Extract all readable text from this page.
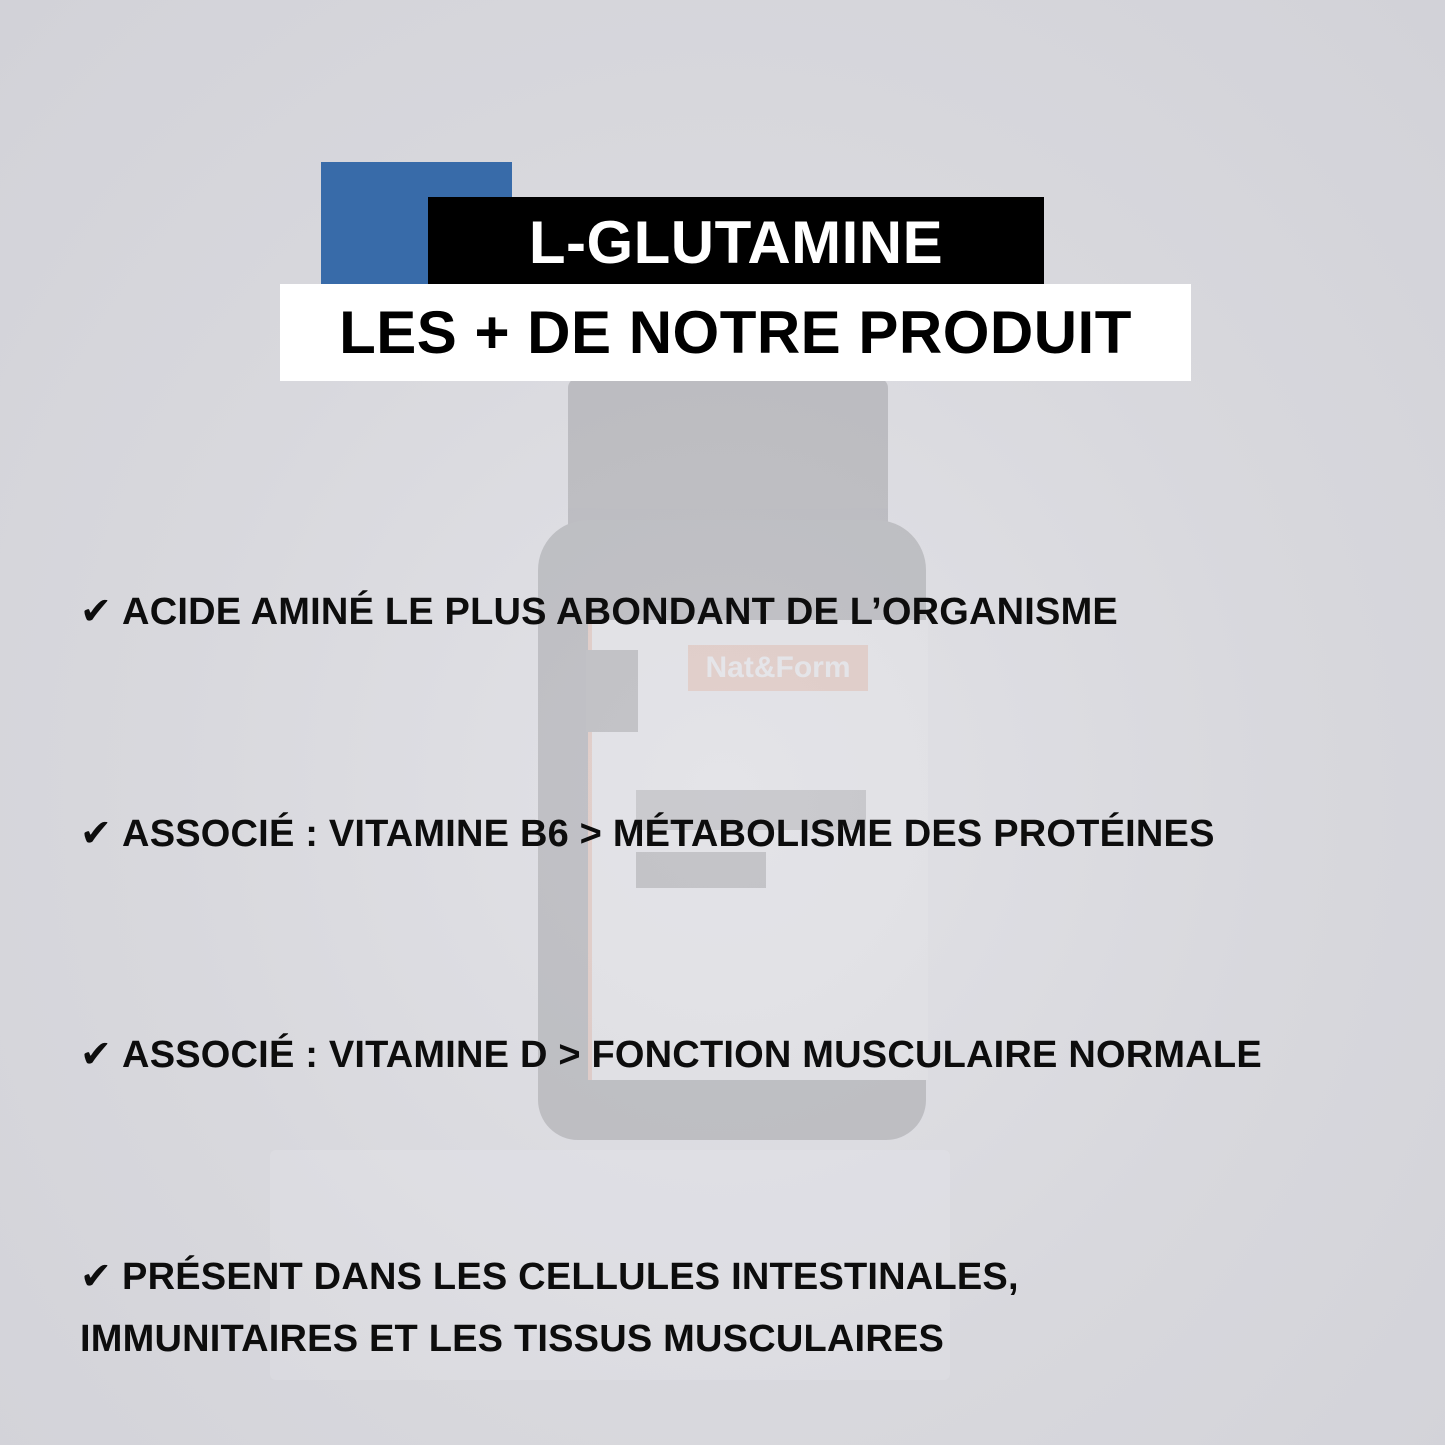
Nat&Form
L-GLUTAMINE
LES + DE NOTRE PRODUIT
✔ ACIDE AMINÉ LE PLUS ABONDANT DE L’ORGANISME
✔ ASSOCIÉ : VITAMINE B6 > MÉTABOLISME DES PROTÉINES
✔ ASSOCIÉ : VITAMINE D > FONCTION MUSCULAIRE NORMALE
✔ PRÉSENT DANS LES CELLULES INTESTINALES,
IMMUNITAIRES ET LES TISSUS MUSCULAIRES
